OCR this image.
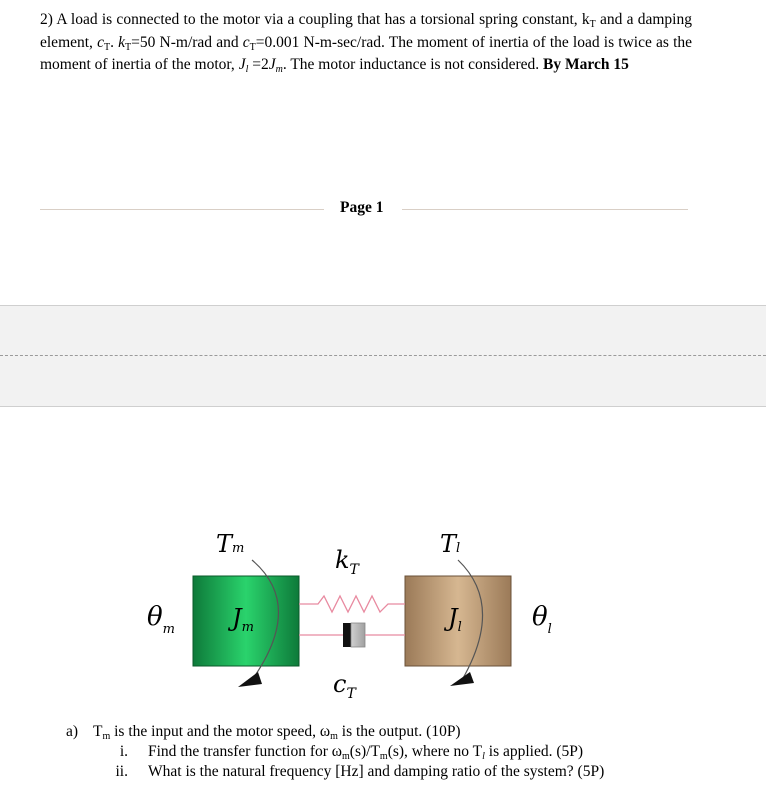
2) A load is connected to the motor via a coupling that has a torsional spring constant, kT and a damping element, cT. kT=50 N-m/rad and cT=0.001 N-m-sec/rad. The moment of inertia of the load is twice as the moment of inertia of the motor, Jl =2Jm. The motor inductance is not considered. By March 15
Page 1
Tm	$k_T$
Tl
$\theta_m$ $J_m$	$J_l$	$\theta_l$
$c_T$
a) Tm is the input and the motor speed, ωm is the output. (10P)
i. Find the transfer function for ωm(s)/Tm(s), where no Tl is applied. (5P)
ii. What is the natural frequency [Hz] and damping ratio of the system? (5P)
